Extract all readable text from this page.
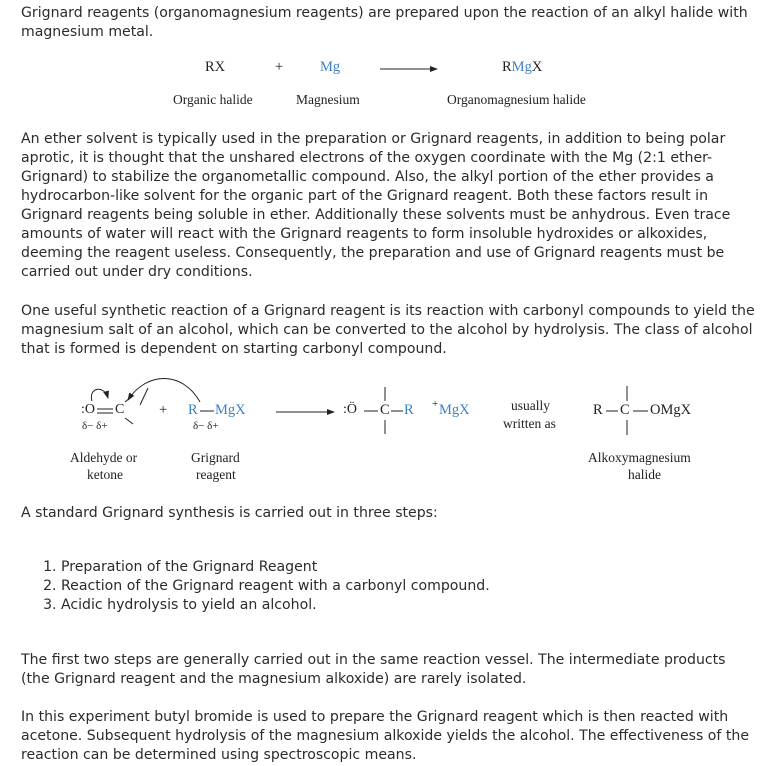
Grignard reagents (organomagnesium reagents) are prepared upon the reaction of an alkyl halide with magnesium metal.

RX	+	Mg	RMgX
Organic halide	Magnesium	Organomagnesium halide

An ether solvent is typically used in the preparation or Grignard reagents, in addition to being polar aprotic, it is thought that the unshared electrons of the oxygen coordinate with the Mg (2:1 ether-Grignard) to stabilize the organometallic compound. Also, the alkyl portion of the ether provides a hydrocarbon-like solvent for the organic part of the Grignard reagent. Both these factors result in Grignard reagents being soluble in ether. Additionally these solvents must be anhydrous. Even trace amounts of water will react with the Grignard reagents to form insoluble hydroxides or alkoxides, deeming the reagent useless. Consequently, the preparation and use of Grignard reagents must be carried out under dry conditions.

One useful synthetic reaction of a Grignard reagent is its reaction with carbonyl compounds to yield the magnesium salt of an alcohol, which can be converted to the alcohol by hydrolysis. The class of alcohol that is formed is dependent on starting carbonyl compound.

:O C
δ− δ+
+ R MgX
δ− δ+
:Ö C R + MgX	usually
written as
R C OMgX
Aldehyde or
ketone
Grignard
reagent
Alkoxymagnesium
halide

A standard Grignard synthesis is carried out in three steps:

1. Preparation of the Grignard Reagent
2. Reaction of the Grignard reagent with a carbonyl compound.
3. Acidic hydrolysis to yield an alcohol.

The first two steps are generally carried out in the same reaction vessel. The intermediate products (the Grignard reagent and the magnesium alkoxide) are rarely isolated.

In this experiment butyl bromide is used to prepare the Grignard reagent which is then reacted with acetone. Subsequent hydrolysis of the magnesium alkoxide yields the alcohol. The effectiveness of the reaction can be determined using spectroscopic means.
